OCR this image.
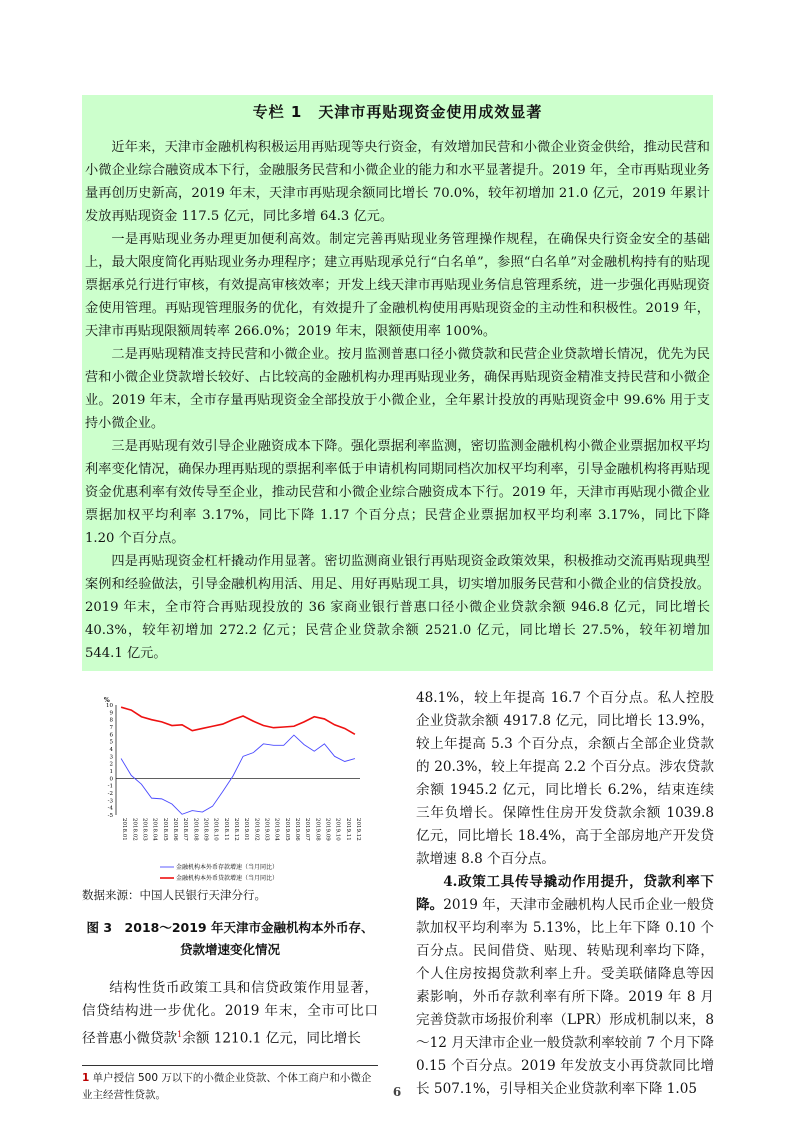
专栏 1　天津市再贴现资金使用成效显著

近年来，天津市金融机构积极运用再贴现等央行资金，有效增加民营和小微企业资金供给，推动民营和小微企业综合融资成本下行，金融服务民营和小微企业的能力和水平显著提升。2019 年，全市再贴现业务量再创历史新高，2019 年末，天津市再贴现余额同比增长 70.0%，较年初增加 21.0 亿元，2019 年累计发放再贴现资金 117.5 亿元，同比多增 64.3 亿元。

一是再贴现业务办理更加便利高效。制定完善再贴现业务管理操作规程，在确保央行资金安全的基础上，最大限度简化再贴现业务办理程序；建立再贴现承兑行“白名单”，参照“白名单”对金融机构持有的贴现票据承兑行进行审核，有效提高审核效率；开发上线天津市再贴现业务信息管理系统，进一步强化再贴现资金使用管理。再贴现管理服务的优化，有效提升了金融机构使用再贴现资金的主动性和积极性。2019 年，天津市再贴现限额周转率 266.0%；2019 年末，限额使用率 100%。

二是再贴现精准支持民营和小微企业。按月监测普惠口径小微贷款和民营企业贷款增长情况，优先为民营和小微企业贷款增长较好、占比较高的金融机构办理再贴现业务，确保再贴现资金精准支持民营和小微企业。2019 年末，全市存量再贴现资金全部投放于小微企业，全年累计投放的再贴现资金中 99.6% 用于支持小微企业。

三是再贴现有效引导企业融资成本下降。强化票据利率监测，密切监测金融机构小微企业票据加权平均利率变化情况，确保办理再贴现的票据利率低于申请机构同期同档次加权平均利率，引导金融机构将再贴现资金优惠利率有效传导至企业，推动民营和小微企业综合融资成本下行。2019 年，天津市再贴现小微企业票据加权平均利率 3.17%，同比下降 1.17 个百分点；民营企业票据加权平均利率 3.17%，同比下降 1.20 个百分点。

四是再贴现资金杠杆撬动作用显著。密切监测商业银行再贴现资金政策效果，积极推动交流再贴现典型案例和经验做法，引导金融机构用活、用足、用好再贴现工具，切实增加服务民营和小微企业的信贷投放。2019 年末，全市符合再贴现投放的 36 家商业银行普惠口径小微企业贷款余额 946.8 亿元，同比增长 40.3%，较年初增加 272.2 亿元；民营企业贷款余额 2521.0 亿元，同比增长 27.5%，较年初增加 544.1 亿元。

%
10
9
8
7
6
5
4
3
2
1
0
-1
-2
-3
-4
-5
2018.01 2018.02 2018.03 2018.04 2018.05 2018.06 2018.07 2018.08 2018.09 2018.10 2018.11 2018.12 2019.01 2019.02 2019.03 2019.04 2019.05 2019.06 2019.07 2019.08 2019.09 2019.10 2019.11 2019.12
金融机构本外币存款增速（当月同比）
金融机构本外币贷款增速（当月同比）

数据来源：中国人民银行天津分行。

图 3　2018～2019 年天津市金融机构本外币存、
贷款增速变化情况

结构性货币政策工具和信贷政策作用显著，信贷结构进一步优化。2019 年末，全市可比口径普惠小微贷款$^1$余额 1210.1 亿元，同比增长

1 单户授信 500 万以下的小微企业贷款、个体工商户和小微企业主经营性贷款。	6

48.1%，较上年提高 16.7 个百分点。私人控股企业贷款余额 4917.8 亿元，同比增长 13.9%，较上年提高 5.3 个百分点，余额占全部企业贷款的 20.3%，较上年提高 2.2 个百分点。涉农贷款余额 1945.2 亿元，同比增长 6.2%，结束连续三年负增长。保障性住房开发贷款余额 1039.8 亿元，同比增长 18.4%，高于全部房地产开发贷款增速 8.8 个百分点。

4.政策工具传导撬动作用提升，贷款利率下降。2019 年，天津市金融机构人民币企业一般贷款加权平均利率为 5.13%，比上年下降 0.10 个百分点。民间借贷、贴现、转贴现利率均下降，个人住房按揭贷款利率上升。受美联储降息等因素影响，外币存款利率有所下降。2019 年 8 月完善贷款市场报价利率（LPR）形成机制以来，8～12 月天津市企业一般贷款利率较前 7 个月下降 0.15 个百分点。2019 年发放支小再贷款同比增长 507.1%，引导相关企业贷款利率下降 1.05
